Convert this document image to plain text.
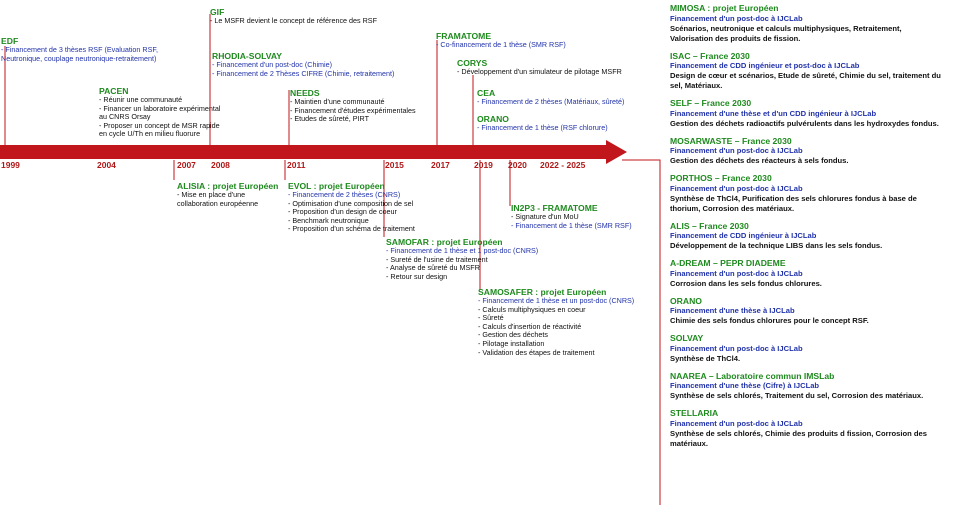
1999	2004	2007 2008	2011	2015	2017	2019 2020 2022 - 2025
EDF
- Financement de 3 thèses RSF (Evaluation RSF,
Neutronique, couplage neutronique-retraitement)
GIF
- Le MSFR devient le concept de référence des RSF
RHODIA-SOLVAY
- Financement d'un post-doc (Chimie)
- Financement de 2 Thèses CIFRE (Chimie, retraitement)
PACEN
- Réunir une communauté
- Financer un laboratoire expérimental
au CNRS Orsay
- Proposer un concept de MSR rapide
en cycle U/Th en milieu fluorure
NEEDS
- Maintien d'une communauté
- Financement d'études expérimentales
- Etudes de sûreté, PIRT
FRAMATOME
- Co-financement de 1 thèse (SMR RSF)
CORYS
- Développement d'un simulateur de pilotage MSFR
CEA
- Financement de 2 thèses (Matériaux, sûreté)
ORANO
- Financement de 1 thèse (RSF chlorure)
ALISIA : projet Européen
- Mise en place d'une
collaboration européenne
EVOL : projet Européen
- Financement de 2 thèses (CNRS)
- Optimisation d'une composition de sel
- Proposition d'un design de coeur
- Benchmark neutronique
- Proposition d'un schéma de traitement
SAMOFAR : projet Européen
- Financement de 1 thèse et 1 post-doc (CNRS)
- Sureté de l'usine de traitement
- Analyse de sûreté du MSFR
- Retour sur design
IN2P3 - FRAMATOME
- Signature d'un MoU
- Financement de 1 thèse (SMR RSF)
SAMOSAFER : projet Européen
- Financement de 1 thèse et un post-doc (CNRS)
- Calculs multiphysiques en coeur
- Sûreté
- Calculs d'insertion de réactivité
- Gestion des déchets
- Pilotage installation
- Validation des étapes de traitement
MIMOSA : projet Européen
Financement d'un post-doc à IJCLab
Scénarios, neutronique et calculs multiphysiques, Retraitement,
Valorisation des produits de fission.
ISAC – France 2030
Financement de CDD ingénieur et post-doc à IJCLab
Design de cœur et scénarios, Etude de sûreté, Chimie du sel, traitement du
sel, Matériaux.
SELF – France 2030
Financement d'une thèse et d'un CDD ingénieur à IJCLab
Gestion des déchets radioactifs pulvérulents dans les hydroxydes fondus.
MOSARWASTE – France 2030
Financement d'un post-doc à IJCLab
Gestion des déchets des réacteurs à sels fondus.
PORTHOS – France 2030
Financement d'un post-doc à IJCLab
Synthèse de ThCl4, Purification des sels chlorures fondus à base de
thorium, Corrosion des matériaux.
ALIS – France 2030
Financement de CDD ingénieur à IJCLab
Développement de la technique LIBS dans les sels fondus.
A-DREAM – PEPR DIADEME
Financement d'un post-doc à IJCLab
Corrosion dans les sels fondus chlorures.
ORANO
Financement d'une thèse à IJCLab
Chimie des sels fondus chlorures pour le concept RSF.
SOLVAY
Financement d'un post-doc à IJCLab
Synthèse de ThCl4.
NAAREA – Laboratoire commun IMSLab
Financement d'une thèse (Cifre) à IJCLab
Synthèse de sels chlorés, Traitement du sel, Corrosion des matériaux.
STELLARIA
Financement d'un post-doc à IJCLab
Synthèse de sels chlorés, Chimie des produits d fission, Corrosion des
matériaux.
